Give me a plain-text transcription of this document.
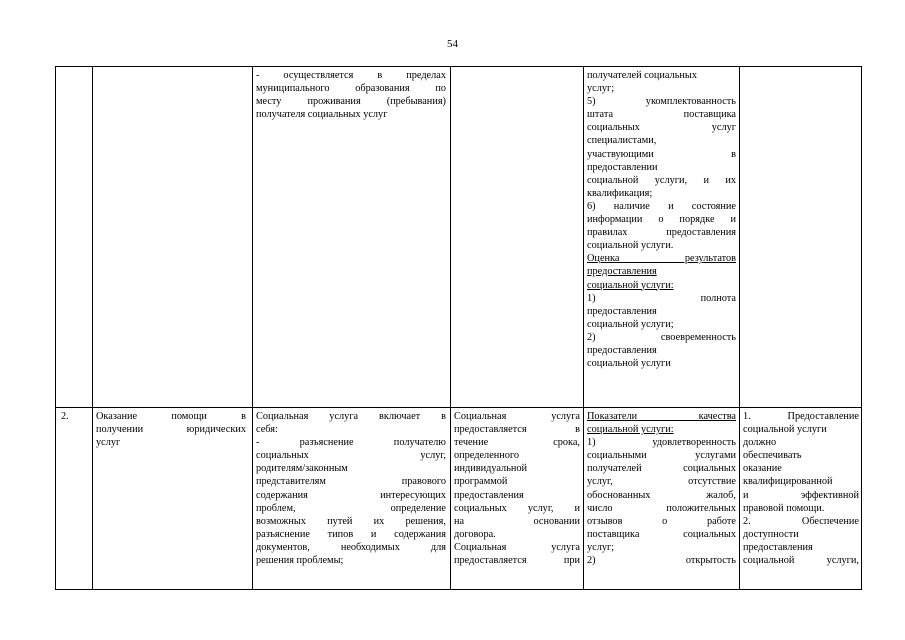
54
- осуществляется в пределах
муниципального образования по
месту проживания (пребывания)
получателя социальных услуг
получателей социальных
услуг;
5) укомплектованность
штата поставщика
социальных услуг
специалистами,
участвующими в
предоставлении
социальной услуги, и их
квалификация;
6) наличие и состояние
информации о порядке и
правилах предоставления
социальной услуги.
Оценка результатов
предоставления
социальной услуги:
1) полнота
предоставления
социальной услуги;
2) своевременность
предоставления
социальной услуги
2.	Оказание помощи в
получении юридических
услуг
Социальная услуга включает в
себя:
- разъяснение получателю
социальных услуг,
родителям/законным
представителям правового
содержания интересующих
проблем, определение
возможных путей их решения,
разъяснение типов и содержания
документов, необходимых для
решения проблемы;
Социальная услуга
предоставляется в
течение срока,
определенного
индивидуальной
программой
предоставления
социальных услуг, и
на основании
договора.
Социальная услуга
предоставляется при
Показатели качества
социальной услуги:
1) удовлетворенность
социальными услугами
получателей социальных
услуг, отсутствие
обоснованных жалоб,
число положительных
отзывов о работе
поставщика социальных
услуг;
2) открытость
1. Предоставление
социальной услуги
должно
обеспечивать
оказание
квалифицированной
и эффективной
правовой помощи.
2. Обеспечение
доступности
предоставления
социальной услуги,
